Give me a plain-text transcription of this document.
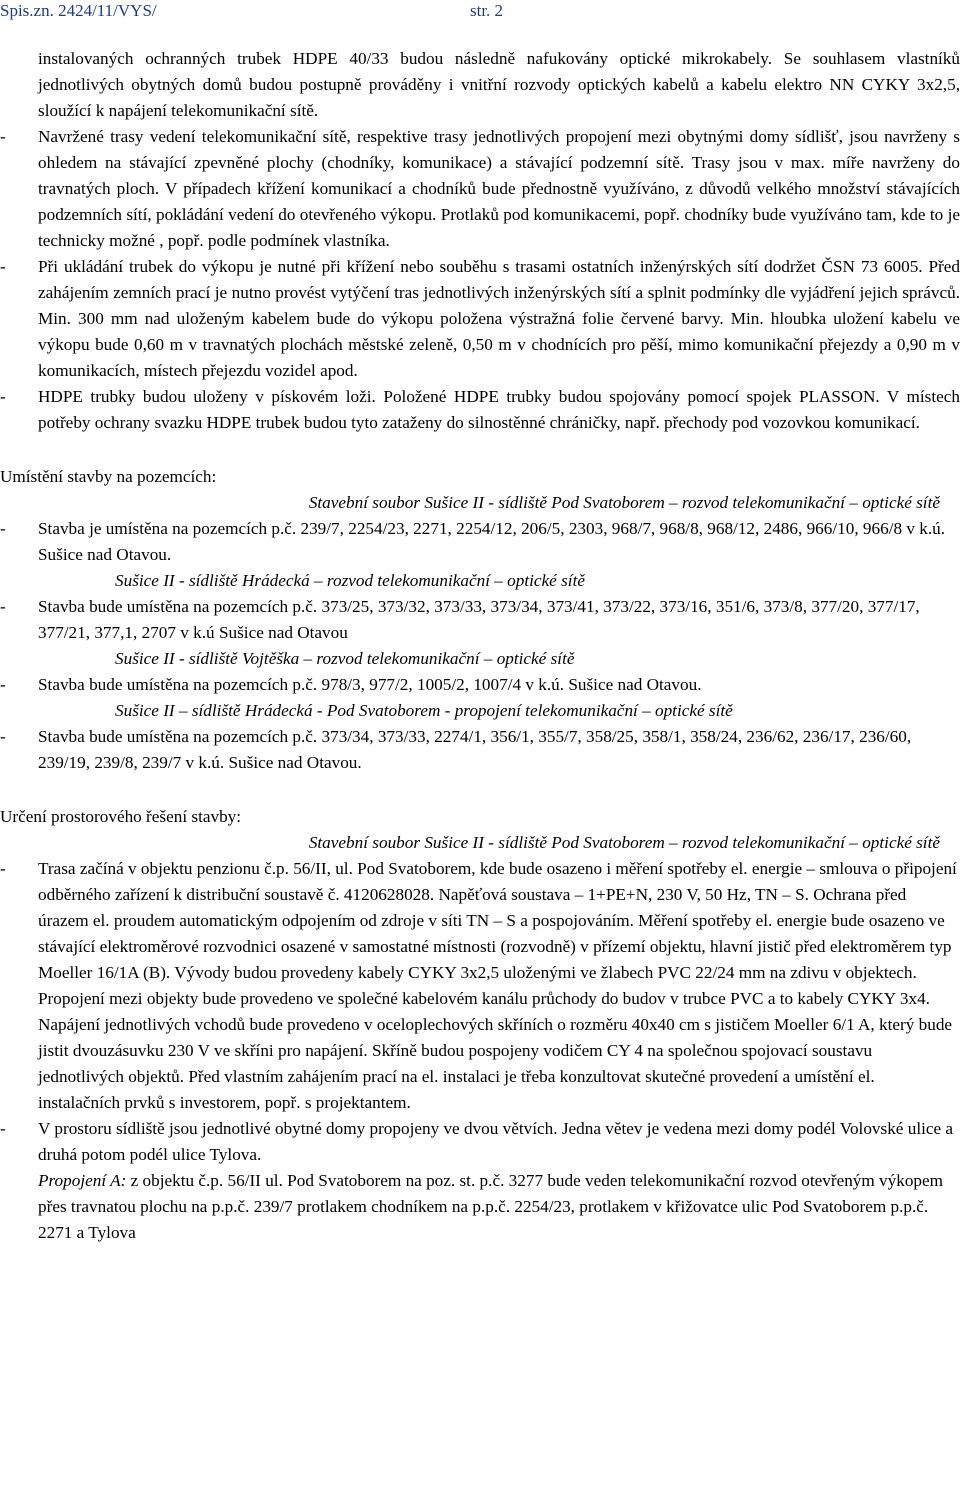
Spis.zn. 2424/11/VYS/	str. 2

instalovaných ochranných trubek HDPE 40/33 budou následně nafukovány optické mikrokabely. Se souhlasem vlastníků jednotlivých obytných domů budou postupně prováděny i vnitřní rozvody optických kabelů a kabelu elektro NN CYKY 3x2,5, sloužící k napájení telekomunikační sítě.

- Navržené trasy vedení telekomunikační sítě, respektive trasy jednotlivých propojení mezi obytnými domy sídlišť, jsou navrženy s ohledem na stávající zpevněné plochy (chodníky, komunikace) a stávající podzemní sítě. Trasy jsou v max. míře navrženy do travnatých ploch. V případech křížení komunikací a chodníků bude přednostně využíváno, z důvodů velkého množství stávajících podzemních sítí, pokládání vedení do otevřeného výkopu. Protlaků pod komunikacemi, popř. chodníky bude využíváno tam, kde to je technicky možné , popř. podle podmínek vlastníka.

- Při ukládání trubek do výkopu je nutné při křížení nebo souběhu s trasami ostatních inženýrských sítí dodržet ČSN 73 6005. Před zahájením zemních prací je nutno provést vytýčení tras jednotlivých inženýrských sítí a splnit podmínky dle vyjádření jejich správců. Min. 300 mm nad uloženým kabelem bude do výkopu položena výstražná folie červené barvy. Min. hloubka uložení kabelu ve výkopu bude 0,60 m v travnatých plochách městské zeleně, 0,50 m v chodnících pro pěší, mimo komunikační přejezdy a 0,90 m v komunikacích, místech přejezdu vozidel apod.

- HDPE trubky budou uloženy v pískovém loži. Položené HDPE trubky budou spojovány pomocí spojek PLASSON. V místech potřeby ochrany svazku HDPE trubek budou tyto zataženy do silnostěnné chráničky, např. přechody pod vozovkou komunikací.

Umístění stavby na pozemcích:

Stavební soubor Sušice II - sídliště Pod Svatoborem – rozvod telekomunikační – optické sítě

- Stavba je umístěna na pozemcích p.č. 239/7, 2254/23, 2271, 2254/12, 206/5, 2303, 968/7, 968/8, 968/12, 2486, 966/10, 966/8 v k.ú. Sušice nad Otavou.

Sušice II - sídliště Hrádecká – rozvod telekomunikační – optické sítě

- Stavba bude umístěna na pozemcích p.č. 373/25, 373/32, 373/33, 373/34, 373/41, 373/22, 373/16, 351/6, 373/8, 377/20, 377/17, 377/21, 377,1, 2707 v k.ú Sušice nad Otavou

Sušice II - sídliště Vojtěška – rozvod telekomunikační – optické sítě

- Stavba bude umístěna na pozemcích p.č. 978/3, 977/2, 1005/2, 1007/4 v k.ú. Sušice nad Otavou.

Sušice II – sídliště Hrádecká - Pod Svatoborem - propojení telekomunikační – optické sítě

- Stavba bude umístěna na pozemcích p.č. 373/34, 373/33, 2274/1, 356/1, 355/7, 358/25, 358/1, 358/24, 236/62, 236/17, 236/60, 239/19, 239/8, 239/7 v k.ú. Sušice nad Otavou.

Určení prostorového řešení stavby:

Stavební soubor Sušice II - sídliště Pod Svatoborem – rozvod telekomunikační – optické sítě

- Trasa začíná v objektu penzionu č.p. 56/II, ul. Pod Svatoborem, kde bude osazeno i měření spotřeby el. energie – smlouva o připojení odběrného zařízení k distribuční soustavě č. 4120628028. Napěťová soustava – 1+PE+N, 230 V, 50 Hz, TN – S. Ochrana před úrazem el. proudem automatickým odpojením od zdroje v síti TN – S a pospojováním. Měření spotřeby el. energie bude osazeno ve stávající elektroměrové rozvodnici osazené v samostatné místnosti (rozvodně) v přízemí objektu, hlavní jistič před elektroměrem typ Moeller 16/1A (B). Vývody budou provedeny kabely CYKY 3x2,5 uloženými ve žlabech PVC 22/24 mm na zdivu v objektech. Propojení mezi objekty bude provedeno ve společné kabelovém kanálu průchody do budov v trubce PVC a to kabely CYKY 3x4. Napájení jednotlivých vchodů bude provedeno v oceloplechových skříních o rozměru 40x40 cm s jističem Moeller 6/1 A, který bude jistit dvouzásuvku 230 V ve skříni pro napájení. Skříně budou pospojeny vodičem CY 4 na společnou spojovací soustavu jednotlivých objektů. Před vlastním zahájením prací na el. instalaci je třeba konzultovat skutečné provedení a umístění el. instalačních prvků s investorem, popř. s projektantem.

- V prostoru sídliště jsou jednotlivé obytné domy propojeny ve dvou větvích. Jedna větev je vedena mezi domy podél Volovské ulice a druhá potom podél ulice Tylova.

Propojení A: z objektu č.p. 56/II ul. Pod Svatoborem na poz. st. p.č. 3277 bude veden telekomunikační rozvod otevřeným výkopem přes travnatou plochu na p.p.č. 239/7 protlakem chodníkem na p.p.č. 2254/23, protlakem v křižovatce ulic Pod Svatoborem p.p.č. 2271 a Tylova
